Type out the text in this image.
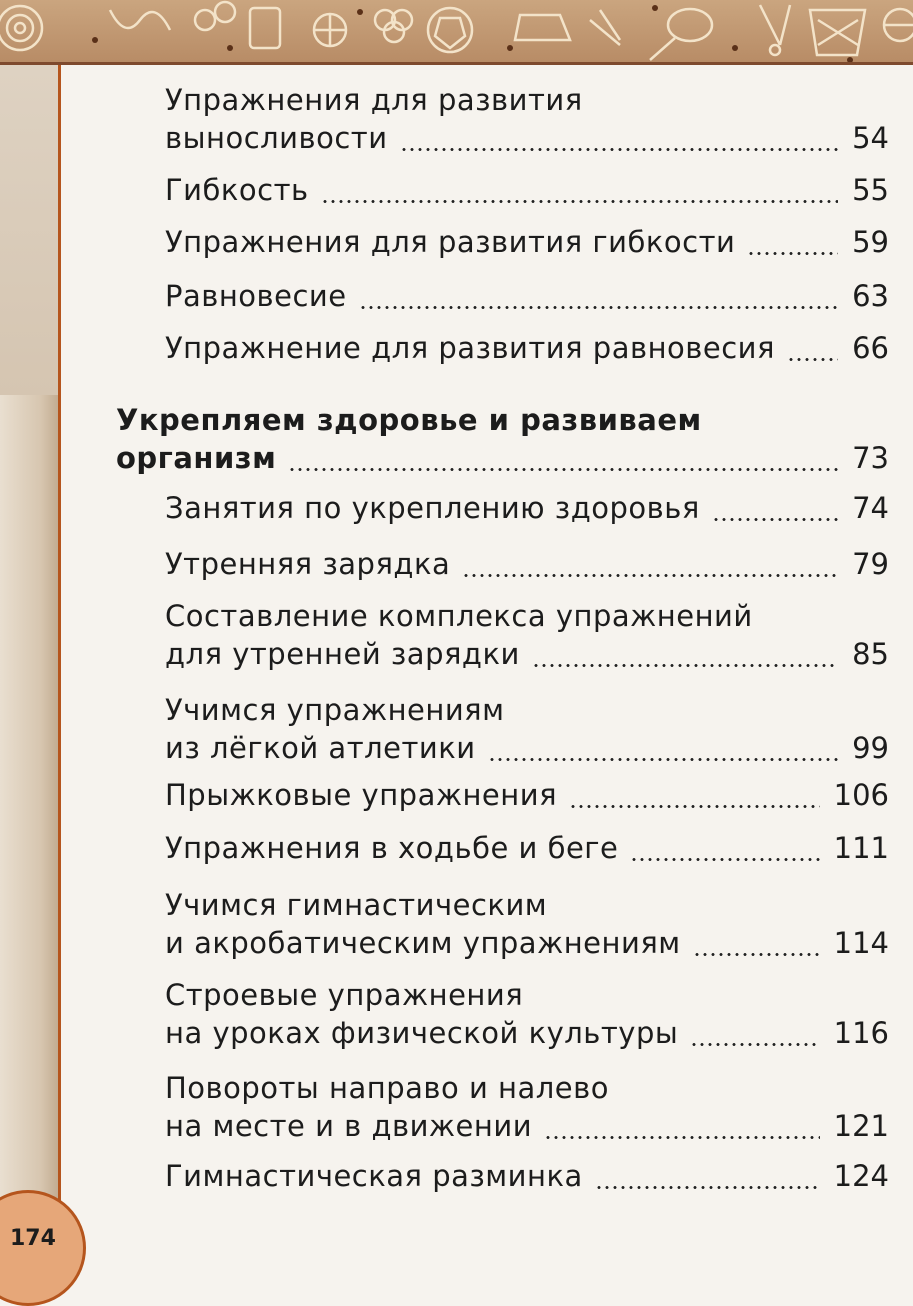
174
Упражнения для развития
выносливости	54
Гибкость	55
Упражнения для развития гибкости	59
Равновесие	63
Упражнение для развития равновесия	66
Укрепляем здоровье и развиваем
организм	73
Занятия по укреплению здоровья	74
Утренняя зарядка	79
Составление комплекса упражнений
для утренней зарядки	85
Учимся упражнениям
из лёгкой атлетики	99
Прыжковые упражнения	106
Упражнения в ходьбе и беге	111
Учимся гимнастическим
и акробатическим упражнениям	114
Строевые упражнения
на уроках физической культуры	116
Повороты направо и налево
на месте и в движении	121
Гимнастическая разминка	124
